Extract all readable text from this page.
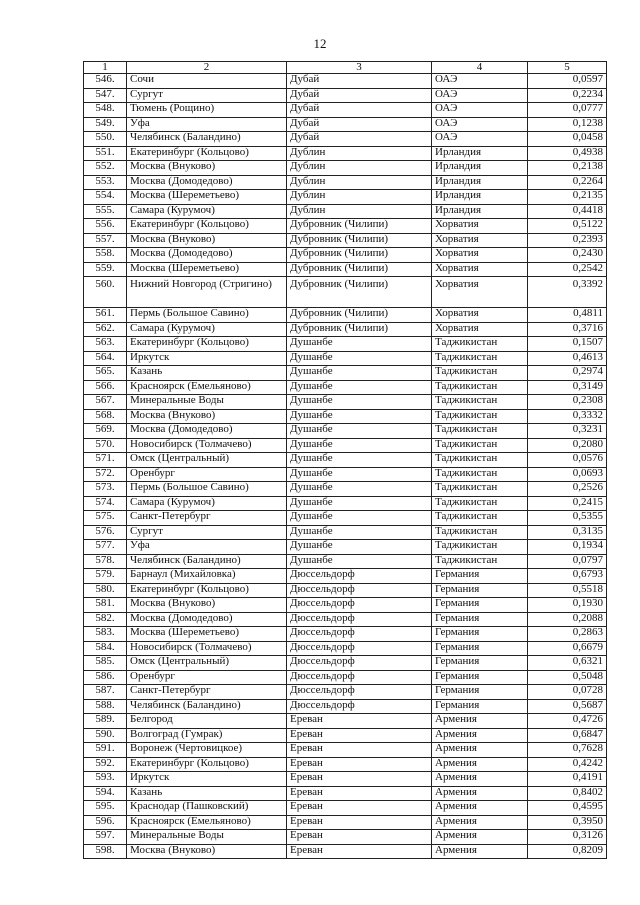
12
1	2	3	4	5
546.	Сочи	Дубай	ОАЭ	0,0597
547.	Сургут	Дубай	ОАЭ	0,2234
548.	Тюмень (Рощино)	Дубай	ОАЭ	0,0777
549.	Уфа	Дубай	ОАЭ	0,1238
550.	Челябинск (Баландино)	Дубай	ОАЭ	0,0458
551.	Екатеринбург (Кольцово)	Дублин	Ирландия	0,4938
552.	Москва (Внуково)	Дублин	Ирландия	0,2138
553.	Москва (Домодедово)	Дублин	Ирландия	0,2264
554.	Москва (Шереметьево)	Дублин	Ирландия	0,2135
555.	Самара (Курумоч)	Дублин	Ирландия	0,4418
556.	Екатеринбург (Кольцово)	Дубровник (Чилипи)	Хорватия	0,5122
557.	Москва (Внуково)	Дубровник (Чилипи)	Хорватия	0,2393
558.	Москва (Домодедово)	Дубровник (Чилипи)	Хорватия	0,2430
559.	Москва (Шереметьево)	Дубровник (Чилипи)	Хорватия	0,2542
560.	Нижний Новгород (Стригино)	Дубровник (Чилипи)	Хорватия	0,3392
561.	Пермь (Большое Савино)	Дубровник (Чилипи)	Хорватия	0,4811
562.	Самара (Курумоч)	Дубровник (Чилипи)	Хорватия	0,3716
563.	Екатеринбург (Кольцово)	Душанбе	Таджикистан	0,1507
564.	Иркутск	Душанбе	Таджикистан	0,4613
565.	Казань	Душанбе	Таджикистан	0,2974
566.	Красноярск (Емельяново)	Душанбе	Таджикистан	0,3149
567.	Минеральные Воды	Душанбе	Таджикистан	0,2308
568.	Москва (Внуково)	Душанбе	Таджикистан	0,3332
569.	Москва (Домодедово)	Душанбе	Таджикистан	0,3231
570.	Новосибирск (Толмачево)	Душанбе	Таджикистан	0,2080
571.	Омск (Центральный)	Душанбе	Таджикистан	0,0576
572.	Оренбург	Душанбе	Таджикистан	0,0693
573.	Пермь (Большое Савино)	Душанбе	Таджикистан	0,2526
574.	Самара (Курумоч)	Душанбе	Таджикистан	0,2415
575.	Санкт-Петербург	Душанбе	Таджикистан	0,5355
576.	Сургут	Душанбе	Таджикистан	0,3135
577.	Уфа	Душанбе	Таджикистан	0,1934
578.	Челябинск (Баландино)	Душанбе	Таджикистан	0,0797
579.	Барнаул (Михайловка)	Дюссельдорф	Германия	0,6793
580.	Екатеринбург (Кольцово)	Дюссельдорф	Германия	0,5518
581.	Москва (Внуково)	Дюссельдорф	Германия	0,1930
582.	Москва (Домодедово)	Дюссельдорф	Германия	0,2088
583.	Москва (Шереметьево)	Дюссельдорф	Германия	0,2863
584.	Новосибирск (Толмачево)	Дюссельдорф	Германия	0,6679
585.	Омск (Центральный)	Дюссельдорф	Германия	0,6321
586.	Оренбург	Дюссельдорф	Германия	0,5048
587.	Санкт-Петербург	Дюссельдорф	Германия	0,0728
588.	Челябинск (Баландино)	Дюссельдорф	Германия	0,5687
589.	Белгород	Ереван	Армения	0,4726
590.	Волгоград (Гумрак)	Ереван	Армения	0,6847
591.	Воронеж (Чертовицкое)	Ереван	Армения	0,7628
592.	Екатеринбург (Кольцово)	Ереван	Армения	0,4242
593.	Иркутск	Ереван	Армения	0,4191
594.	Казань	Ереван	Армения	0,8402
595.	Краснодар (Пашковский)	Ереван	Армения	0,4595
596.	Красноярск (Емельяново)	Ереван	Армения	0,3950
597.	Минеральные Воды	Ереван	Армения	0,3126
598.	Москва (Внуково)	Ереван	Армения	0,8209
